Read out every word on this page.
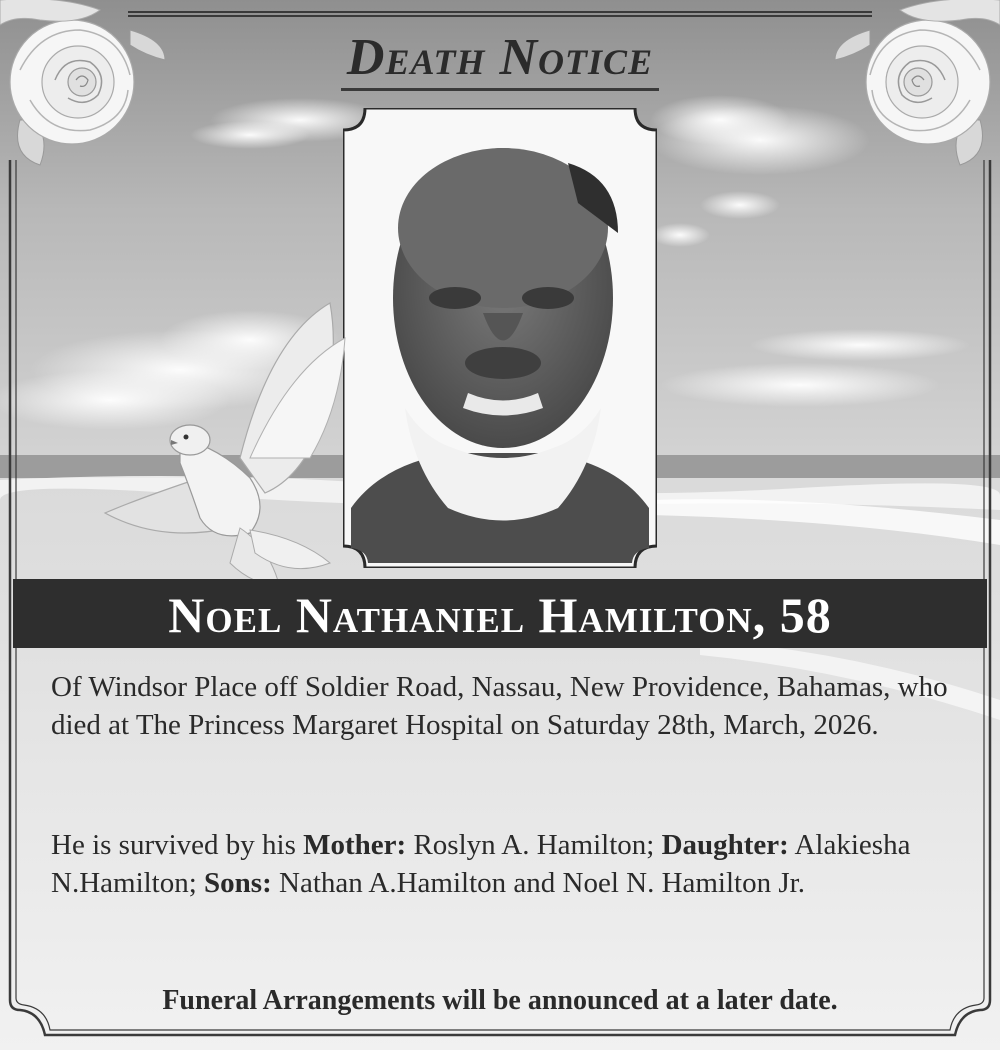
Death Notice
Noel Nathaniel Hamilton, 58
Of Windsor Place off Soldier Road, Nassau, New Providence, Bahamas, who died at The Princess Margaret Hospital on Saturday 28th, March, 2026.
He is survived by his Mother: Roslyn A. Hamilton; Daughter: Alakiesha N.Hamilton; Sons: Nathan A.Hamilton and Noel N. Hamilton Jr.
Funeral Arrangements will be announced at a later date.
